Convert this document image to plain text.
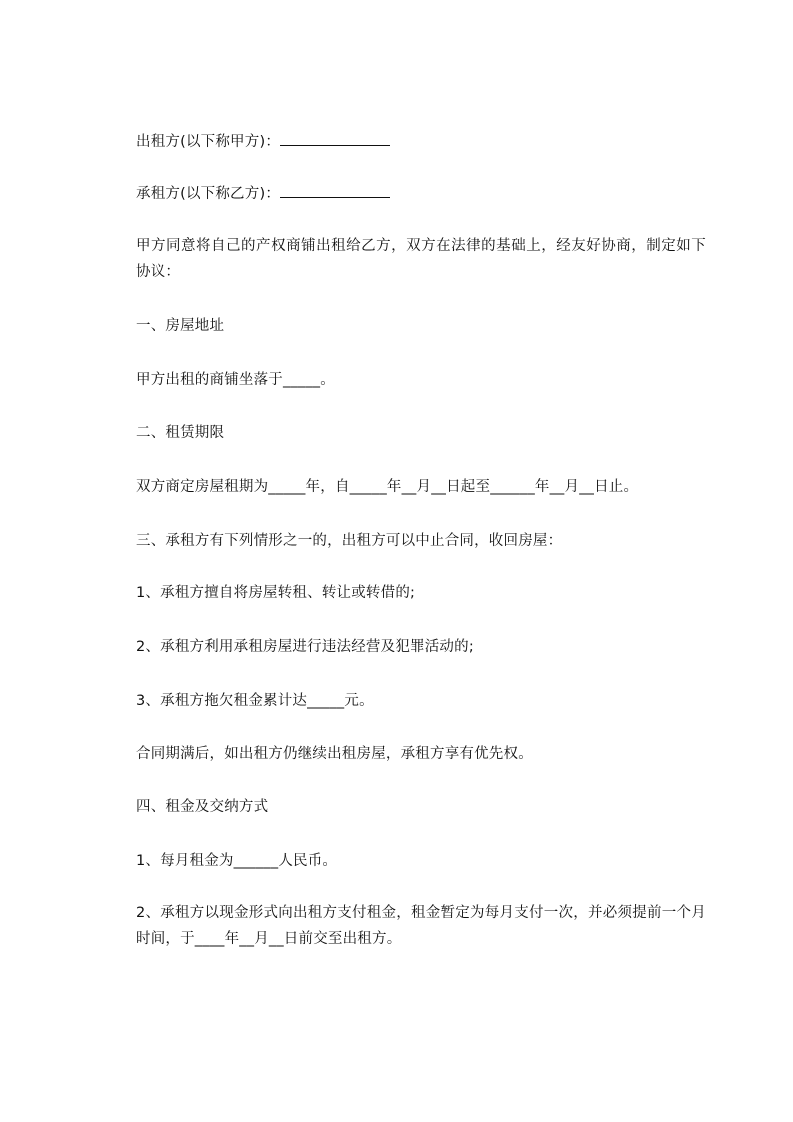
出租方(以下称甲方)：
承租方(以下称乙方)：
甲方同意将自己的产权商铺出租给乙方，双方在法律的基础上，经友好协商，制定如下协议：
一、房屋地址
甲方出租的商铺坐落于_____。
二、租赁期限
双方商定房屋租期为_____年，自_____年__月__日起至______年__月__日止。
三、承租方有下列情形之一的，出租方可以中止合同，收回房屋：
1、承租方擅自将房屋转租、转让或转借的;
2、承租方利用承租房屋进行违法经营及犯罪活动的;
3、承租方拖欠租金累计达_____元。
合同期满后，如出租方仍继续出租房屋，承租方享有优先权。
四、租金及交纳方式
1、每月租金为______人民币。
2、承租方以现金形式向出租方支付租金，租金暂定为每月支付一次，并必须提前一个月时间，于____年__月__日前交至出租方。
